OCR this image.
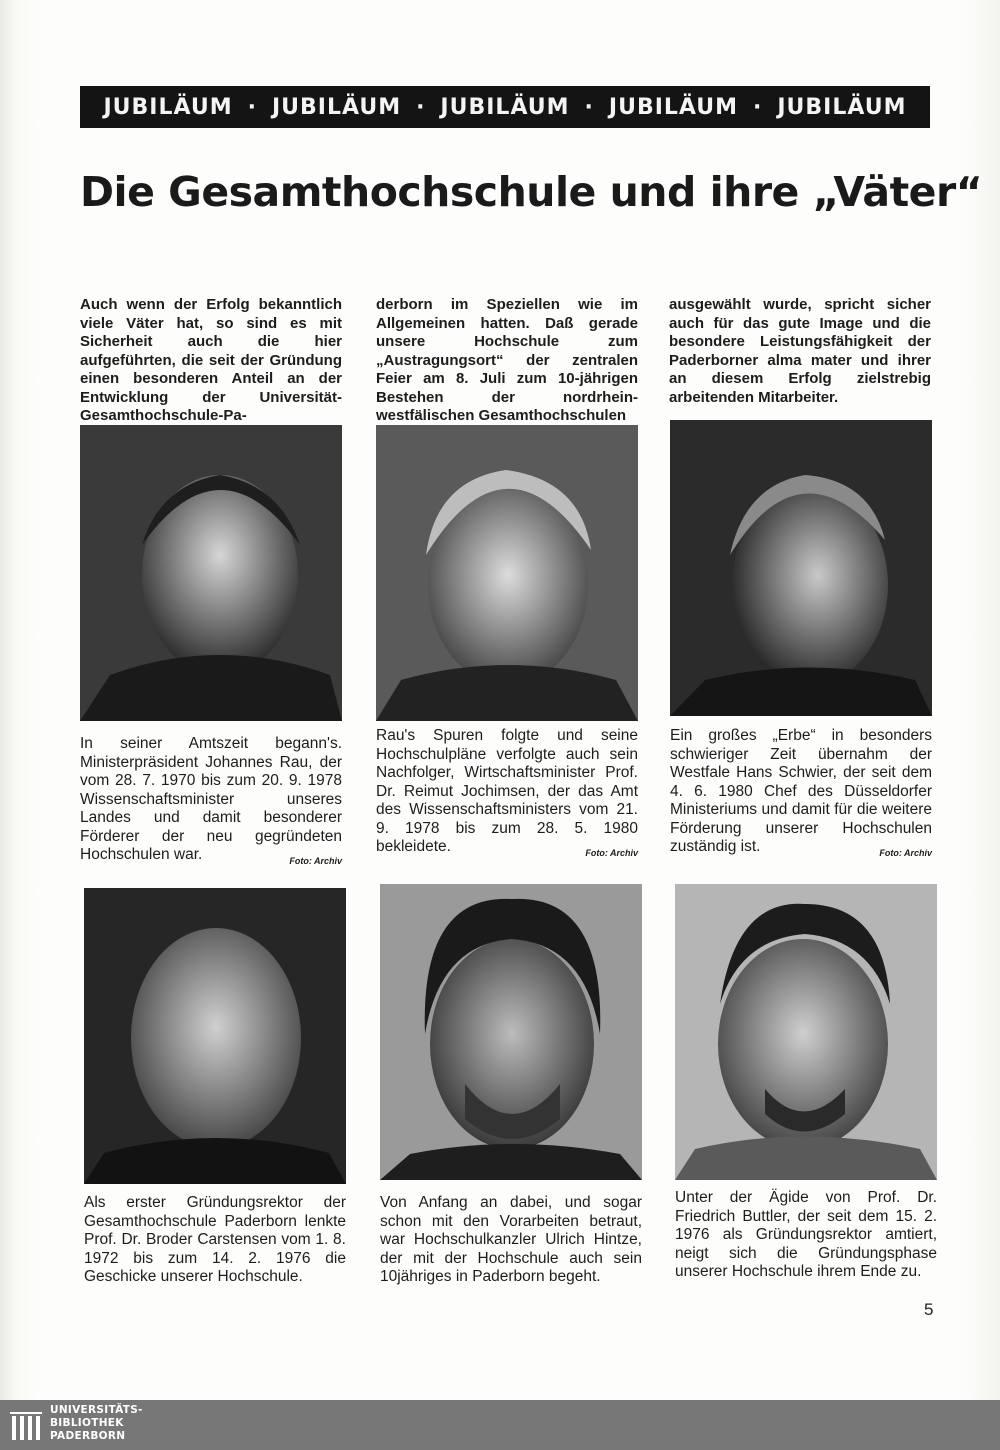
JUBILÄUM · JUBILÄUM · JUBILÄUM · JUBILÄUM · JUBILÄUM
Die Gesamthochschule und ihre „Väter“

Auch wenn der Erfolg bekanntlich viele Väter hat, so sind es mit Sicherheit auch die hier aufgeführten, die seit der Gründung einen besonderen Anteil an der Entwicklung der Universität-Gesamthochschule-Pa-

derborn im Speziellen wie im Allgemeinen hatten. Daß gerade unsere Hochschule zum „Austragungsort“ der zentralen Feier am 8. Juli zum 10-jährigen Bestehen der nordrhein-westfälischen Gesamthochschulen

ausgewählt wurde, spricht sicher auch für das gute Image und die besondere Leistungsfähigkeit der Paderborner alma mater und ihrer an diesem Erfolg zielstrebig arbeitenden Mitarbeiter.

In seiner Amtszeit begann's. Ministerpräsident Johannes Rau, der vom 28. 7. 1970 bis zum 20. 9. 1978 Wissenschaftsminister unseres Landes und damit besonderer Förderer der neu gegründeten Hochschulen war.	Foto: Archiv

Rau's Spuren folgte und seine Hochschulpläne verfolgte auch sein Nachfolger, Wirtschaftsminister Prof. Dr. Reimut Jochimsen, der das Amt des Wissenschaftsministers vom 21. 9. 1978 bis zum 28. 5. 1980 bekleidete.	Foto: Archiv

Ein großes „Erbe“ in besonders schwieriger Zeit übernahm der Westfale Hans Schwier, der seit dem 4. 6. 1980 Chef des Düsseldorfer Ministeriums und damit für die weitere Förderung unserer Hochschulen zuständig ist.	Foto: Archiv

Als erster Gründungsrektor der Gesamthochschule Paderborn lenkte Prof. Dr. Broder Carstensen vom 1. 8. 1972 bis zum 14. 2. 1976 die Geschicke unserer Hochschule.

Von Anfang an dabei, und sogar schon mit den Vorarbeiten betraut, war Hochschulkanzler Ulrich Hintze, der mit der Hochschule auch sein 10jähriges in Paderborn begeht.

Unter der Ägide von Prof. Dr. Friedrich Buttler, der seit dem 15. 2. 1976 als Gründungsrektor amtiert, neigt sich die Gründungsphase unserer Hochschule ihrem Ende zu.

5
UNIVERSITÄTS-
BIBLIOTHEK
PADERBORN
